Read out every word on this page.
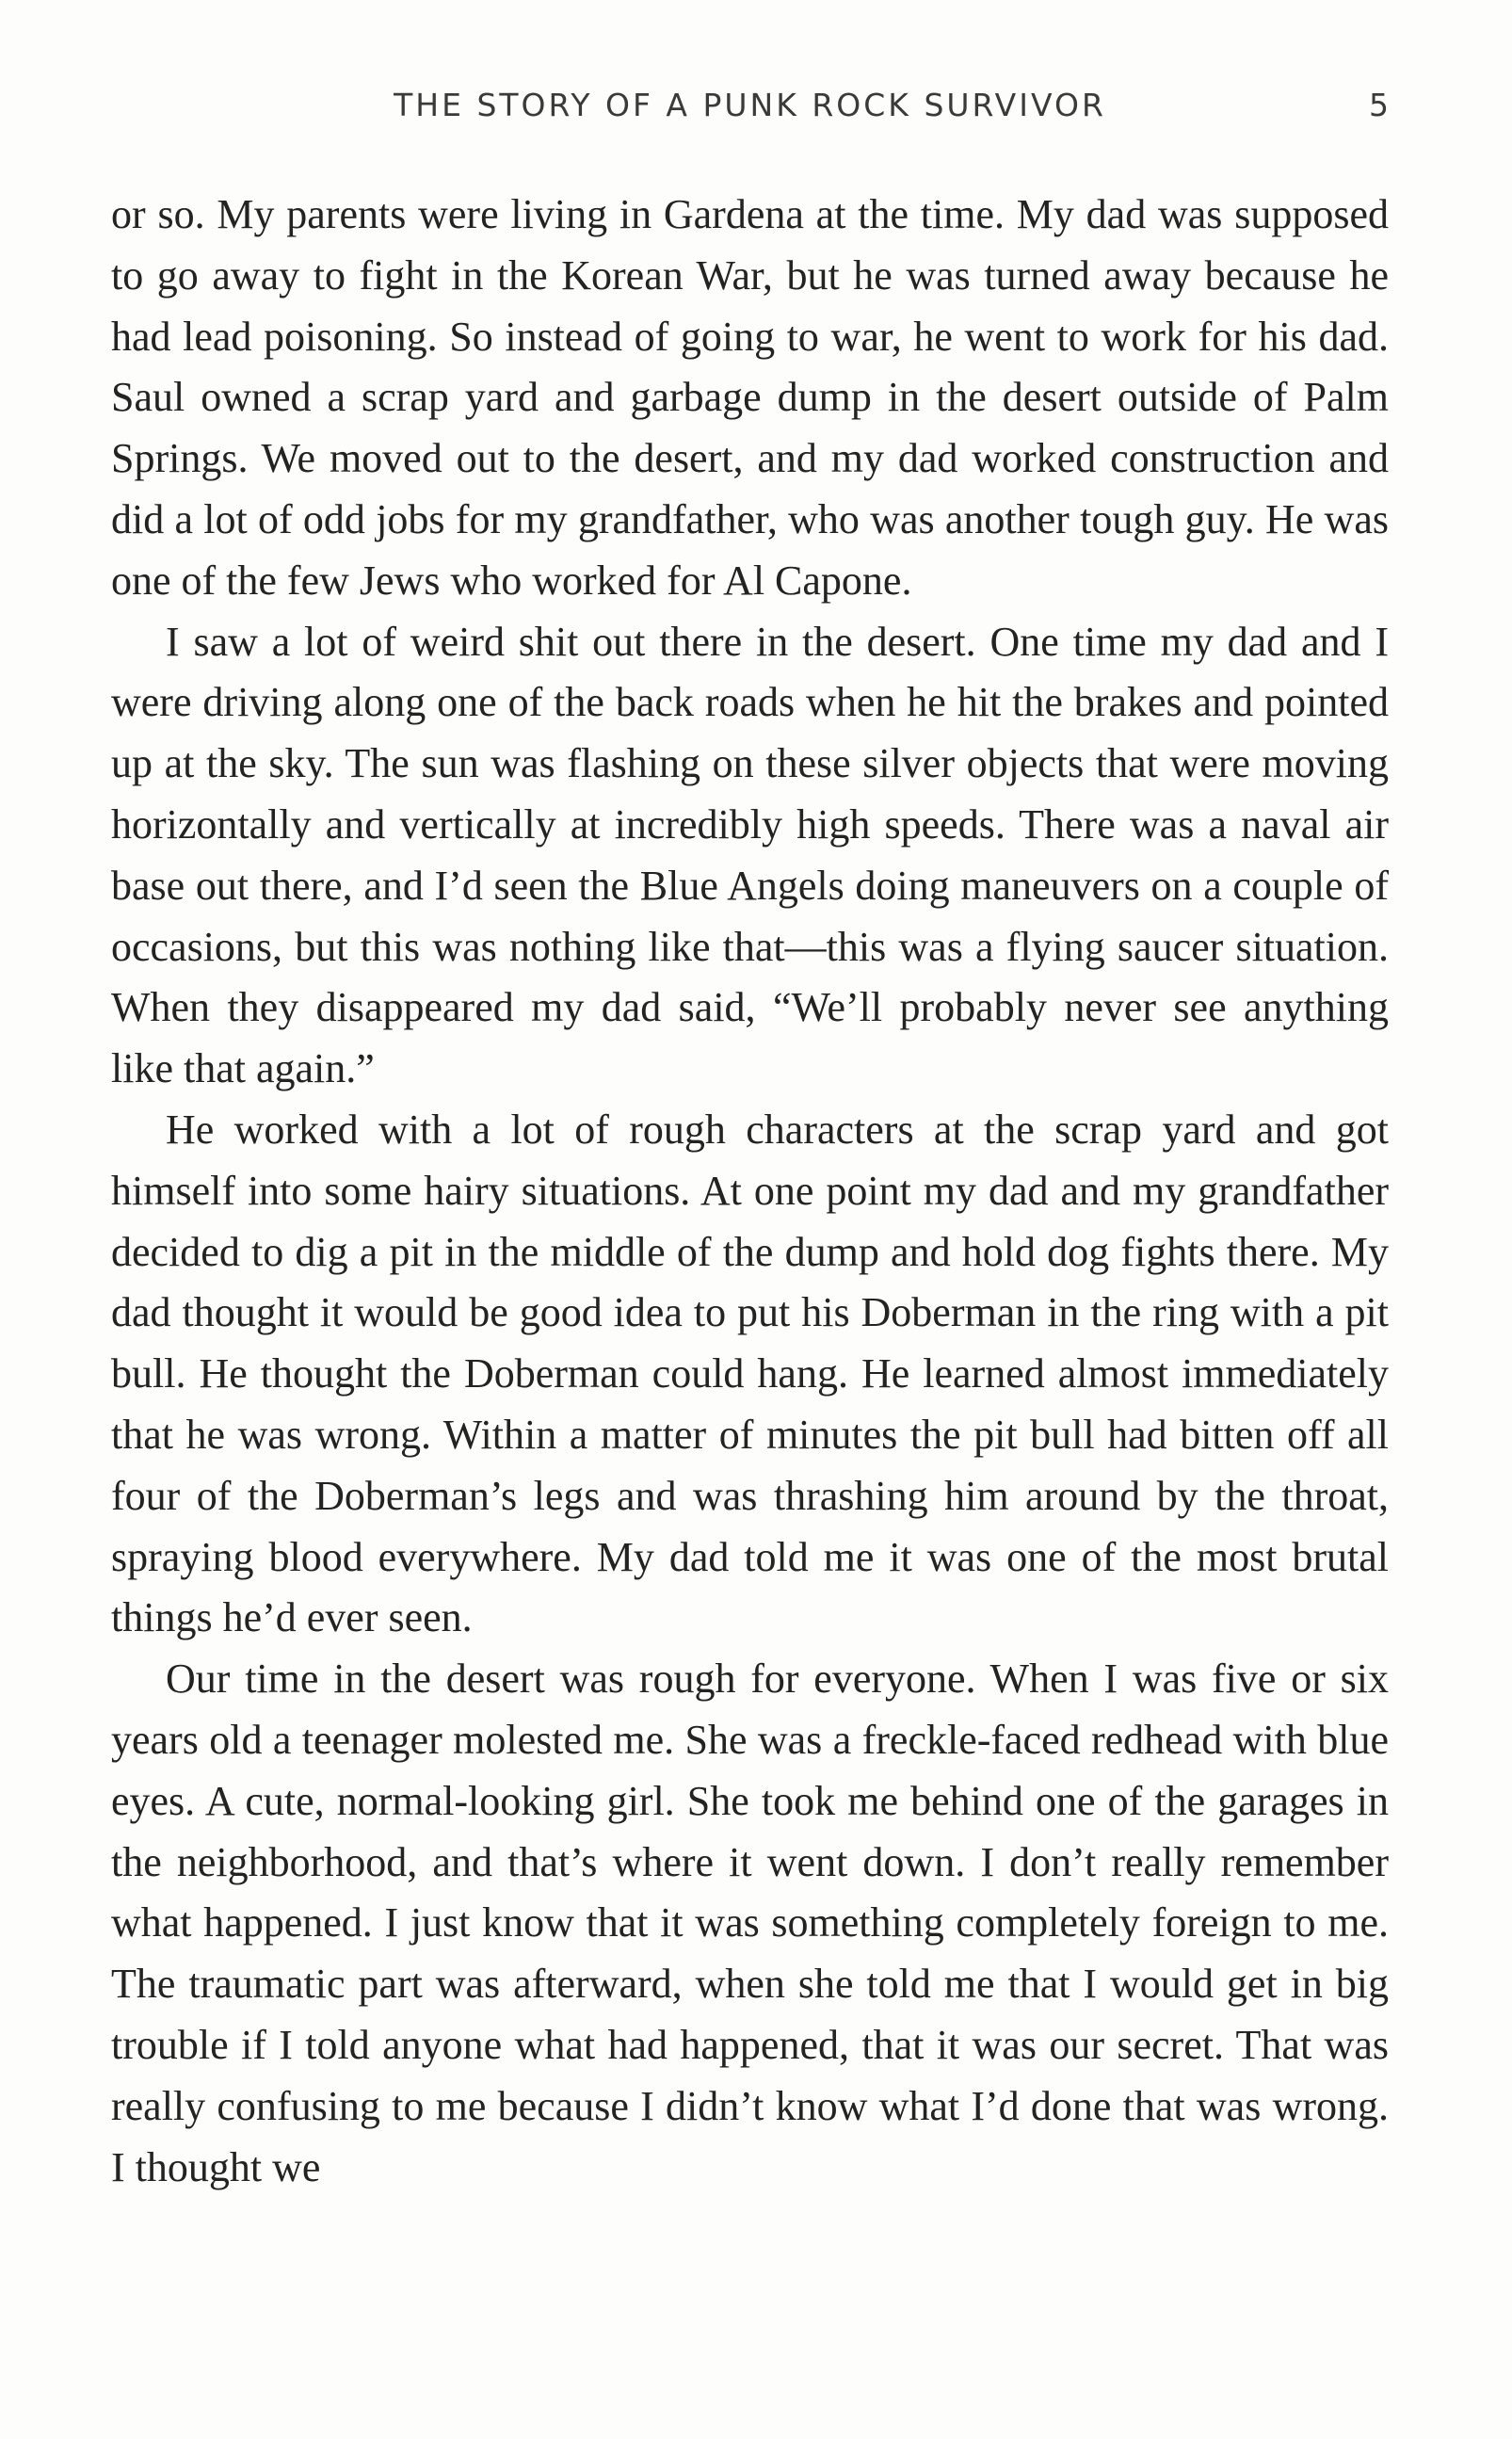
THE STORY OF A PUNK ROCK SURVIVOR	5

or so. My parents were living in Gardena at the time. My dad was supposed to go away to fight in the Korean War, but he was turned away because he had lead poisoning. So instead of going to war, he went to work for his dad. Saul owned a scrap yard and garbage dump in the desert outside of Palm Springs. We moved out to the desert, and my dad worked construction and did a lot of odd jobs for my grandfather, who was another tough guy. He was one of the few Jews who worked for Al Capone.

I saw a lot of weird shit out there in the desert. One time my dad and I were driving along one of the back roads when he hit the brakes and pointed up at the sky. The sun was flashing on these silver objects that were moving horizontally and vertically at incredibly high speeds. There was a naval air base out there, and I’d seen the Blue Angels doing maneuvers on a couple of occasions, but this was nothing like that—this was a flying saucer situation. When they disappeared my dad said, “We’ll probably never see anything like that again.”

He worked with a lot of rough characters at the scrap yard and got himself into some hairy situations. At one point my dad and my grandfather decided to dig a pit in the middle of the dump and hold dog fights there. My dad thought it would be good idea to put his Doberman in the ring with a pit bull. He thought the Doberman could hang. He learned almost immediately that he was wrong. Within a matter of minutes the pit bull had bitten off all four of the Doberman’s legs and was thrashing him around by the throat, spraying blood everywhere. My dad told me it was one of the most brutal things he’d ever seen.

Our time in the desert was rough for everyone. When I was five or six years old a teenager molested me. She was a freckle-faced redhead with blue eyes. A cute, normal-looking girl. She took me behind one of the garages in the neighborhood, and that’s where it went down. I don’t really remember what happened. I just know that it was something completely foreign to me. The traumatic part was afterward, when she told me that I would get in big trouble if I told anyone what had happened, that it was our secret. That was really confusing to me because I didn’t know what I’d done that was wrong. I thought we
